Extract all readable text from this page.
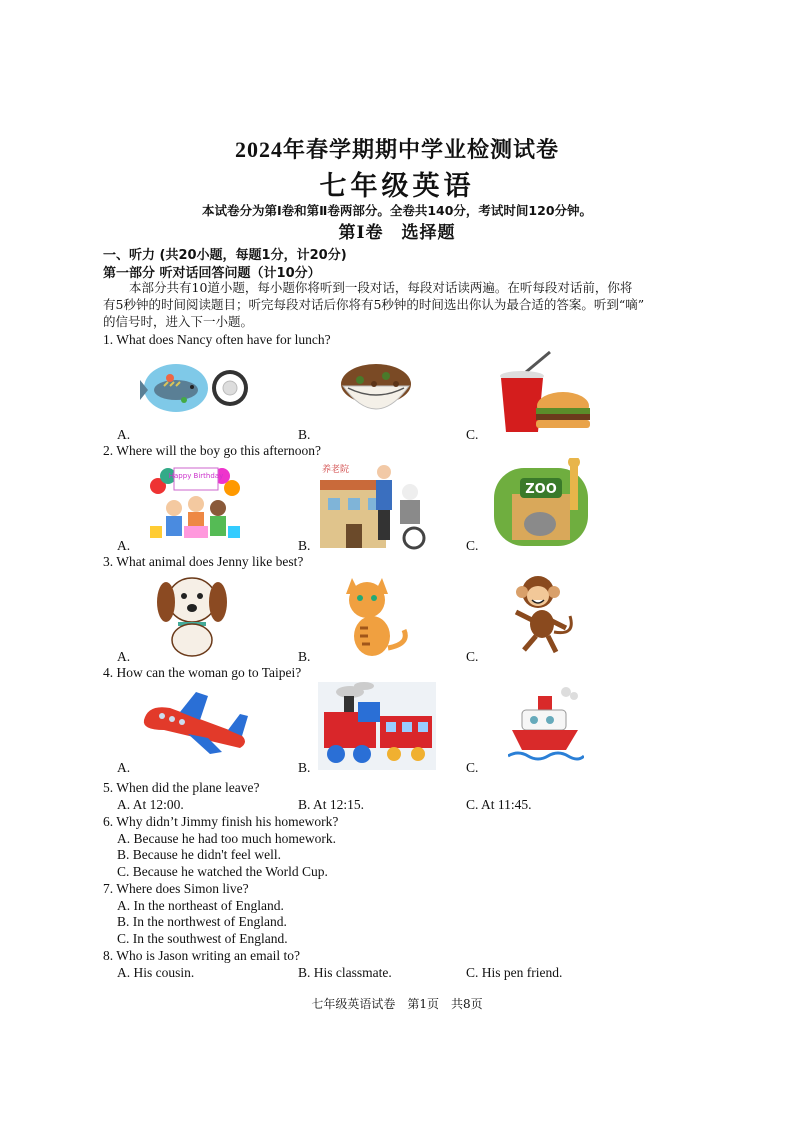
2024年春学期期中学业检测试卷
七年级英语
本试卷分为第Ⅰ卷和第Ⅱ卷两部分。全卷共140分，考试时间120分钟。
第Ⅰ卷　选择题
一、听力 (共20小题，每题1分，计20分)
第一部分 听对话回答问题（计10分）
本部分共有10道小题，每小题你将听到一段对话，每段对话读两遍。在听每段对话前，你将
有5秒钟的时间阅读题目；听完每段对话后你将有5秒钟的时间选出你认为最合适的答案。听到“嘀”
的信号时，进入下一小题。
1. What does Nancy often have for lunch?
A.	B.	C.
2. Where will the boy go this afternoon?
Happy Birthday
养老院
ZOO
A.	B.	C.
3. What animal does Jenny like best?
A.	B.	C.
4. How can the woman go to Taipei?
A.	B.	C.
5. When did the plane leave?
A. At 12:00.	B. At 12:15.	C. At 11:45.
6. Why didn’t Jimmy finish his homework?
A. Because he had too much homework.
B. Because he didn't feel well.
C. Because he watched the World Cup.
7. Where does Simon live?
A. In the northeast of England.
B. In the northwest of England.
C. In the southwest of England.
8. Who is Jason writing an email to?
A. His cousin.	B. His classmate.	C. His pen friend.
七年级英语试卷　第1页　共8页
